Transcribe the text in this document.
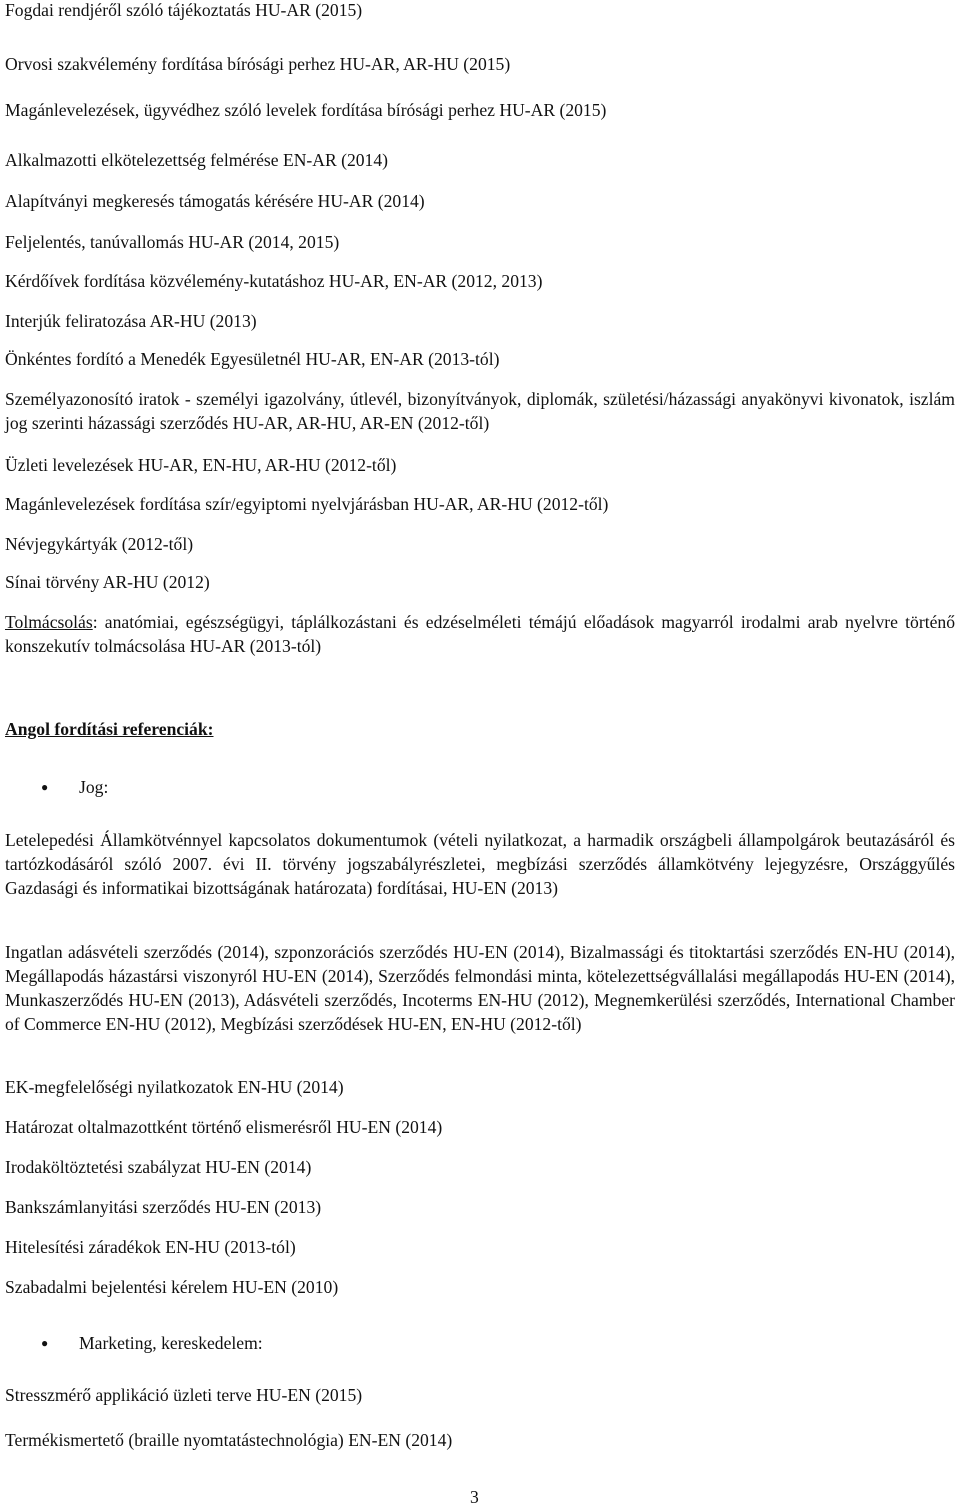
Fogdai rendjéről szóló tájékoztatás HU-AR (2015)

Orvosi szakvélemény fordítása bírósági perhez HU-AR, AR-HU (2015)

Magánlevelezések, ügyvédhez szóló levelek fordítása bírósági perhez HU-AR (2015)

Alkalmazotti elkötelezettség felmérése EN-AR (2014)

Alapítványi megkeresés támogatás kérésére HU-AR (2014)

Feljelentés, tanúvallomás HU-AR (2014, 2015)

Kérdőívek fordítása közvélemény-kutatáshoz HU-AR, EN-AR (2012, 2013)

Interjúk feliratozása AR-HU (2013)

Önkéntes fordító a Menedék Egyesületnél HU-AR, EN-AR (2013-tól)

Személyazonosító iratok - személyi igazolvány, útlevél, bizonyítványok, diplomák, születési/házassági anyakönyvi kivonatok, iszlám jog szerinti házassági szerződés HU-AR, AR-HU, AR-EN (2012-től)

Üzleti levelezések HU-AR, EN-HU, AR-HU (2012-től)

Magánlevelezések fordítása szír/egyiptomi nyelvjárásban HU-AR, AR-HU (2012-től)

Névjegykártyák (2012-től)

Sínai törvény AR-HU (2012)

Tolmácsolás: anatómiai, egészségügyi, táplálkozástani és edzéselméleti témájú előadások magyarról irodalmi arab nyelvre történő konszekutív tolmácsolása HU-AR (2013-tól)

Angol fordítási referenciák:

● Jog:

Letelepedési Államkötvénnyel kapcsolatos dokumentumok (vételi nyilatkozat, a harmadik országbeli állampolgárok beutazásáról és tartózkodásáról szóló 2007. évi II. törvény jogszabályrészletei, megbízási szerződés államkötvény lejegyzésre, Országgyűlés Gazdasági és informatikai bizottságának határozata) fordításai, HU-EN (2013)

Ingatlan adásvételi szerződés (2014), szponzorációs szerződés HU-EN (2014), Bizalmassági és titoktartási szerződés EN-HU (2014), Megállapodás házastársi viszonyról HU-EN (2014), Szerződés felmondási minta, kötelezettségvállalási megállapodás HU-EN (2014), Munkaszerződés HU-EN (2013), Adásvételi szerződés, Incoterms EN-HU (2012), Megnemkerülési szerződés, International Chamber of Commerce EN-HU (2012), Megbízási szerződések HU-EN, EN-HU (2012-től)

EK-megfelelőségi nyilatkozatok EN-HU (2014)

Határozat oltalmazottként történő elismerésről HU-EN (2014)

Irodaköltöztetési szabályzat HU-EN (2014)

Bankszámlanyitási szerződés HU-EN (2013)

Hitelesítési záradékok EN-HU (2013-tól)

Szabadalmi bejelentési kérelem HU-EN (2010)

● Marketing, kereskedelem:

Stresszmérő applikáció üzleti terve HU-EN (2015)

Termékismertető (braille nyomtatástechnológia) EN-EN (2014)

3
